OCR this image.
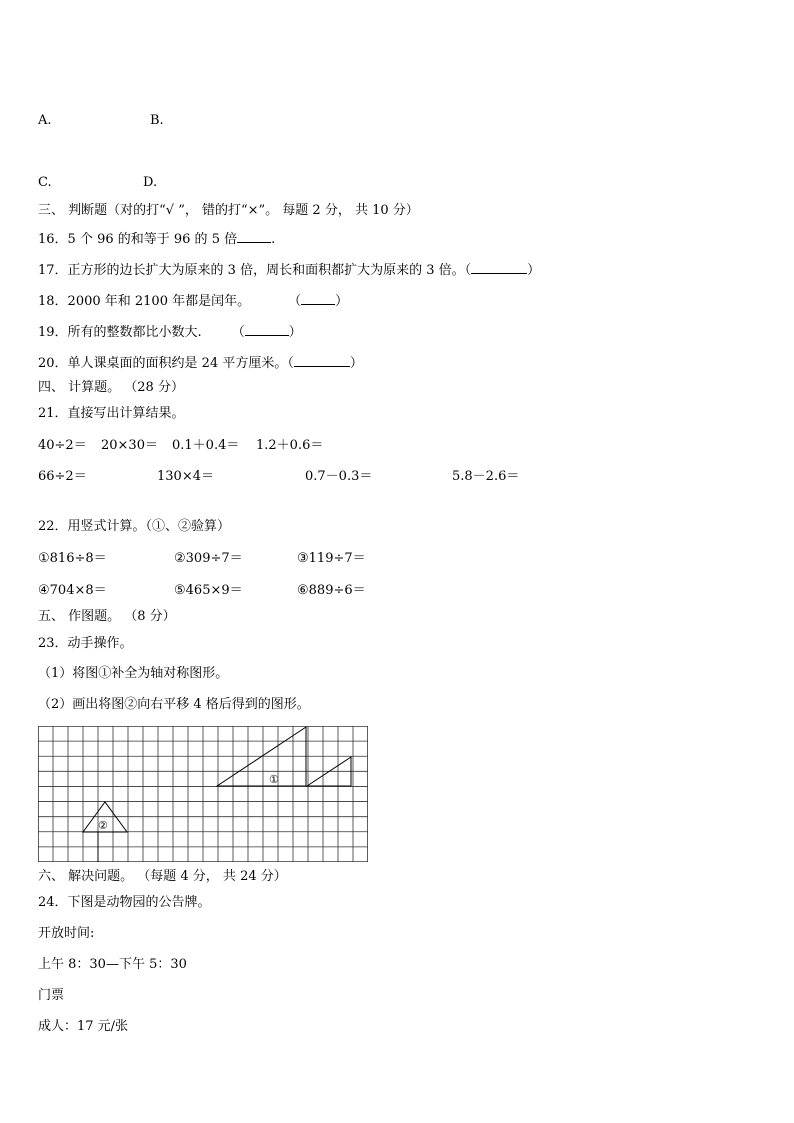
A.	B.
C.	D.
三、 判断题（对的打“√ ”， 错的打“×”。 每题 2 分， 共 10 分）
16．5 个 96 的和等于 96 的 5 倍	.
17．正方形的边长扩大为原来的 3 倍，周长和面积都扩大为原来的 3 倍。（	）
18．2000 年和 2100 年都是闰年。	（	）
19．所有的整数都比小数大. （	）
20．单人课桌面的面积约是 24 平方厘米。（	）
四、 计算题。 （28 分）
21．直接写出计算结果。
40÷2＝ 20×30＝ 0.1＋0.4＝ 1.2＋0.6＝
66÷2＝	130×4＝	0.7－0.3＝	5.8－2.6＝
22．用竖式计算。（①、②验算）
①816÷8＝	②309÷7＝	③119÷7＝
④704×8＝	⑤465×9＝	⑥889÷6＝
五、 作图题。 （8 分）
23．动手操作。
（1）将图①补全为轴对称图形。
（2）画出将图②向右平移 4 格后得到的图形。
①
②
六、 解决问题。 （每题 4 分， 共 24 分）
24．下图是动物园的公告牌。
开放时间:
上午 8：30—下午 5：30
门票
成人：17 元/张
